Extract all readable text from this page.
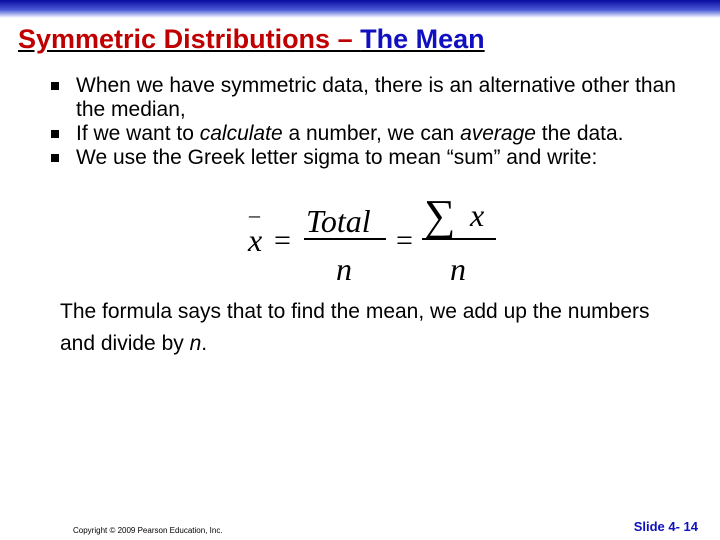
Symmetric Distributions – The Mean
When we have symmetric data, there is an alternative other than the median,
If we want to calculate a number, we can average the data.
We use the Greek letter sigma to mean “sum” and write:
–
x =
Total
n
=
∑ x
n
The formula says that to find the mean, we add up the numbers and divide by n.
Copyright © 2009 Pearson Education, Inc.	Slide 4- 14
